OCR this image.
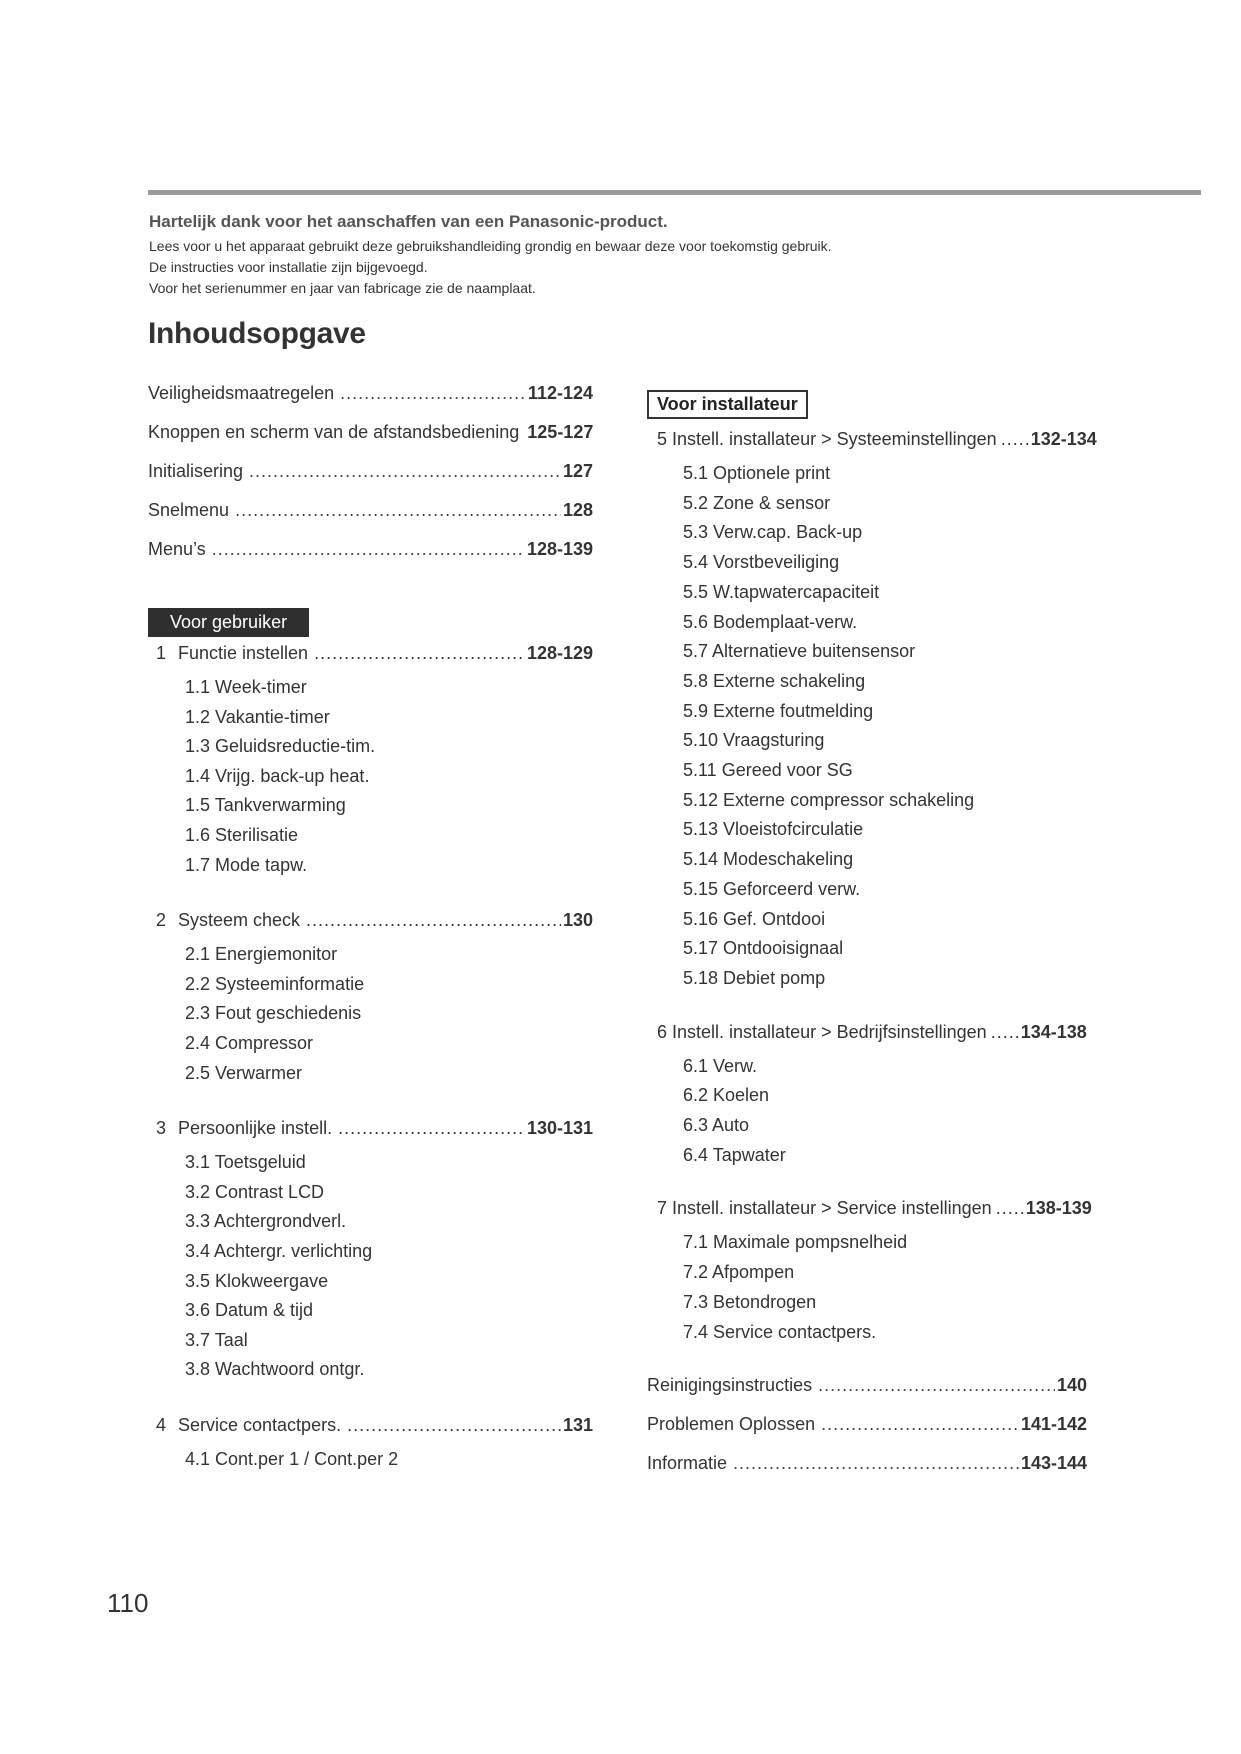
Hartelijk dank voor het aanschaffen van een Panasonic-product.
Lees voor u het apparaat gebruikt deze gebruikshandleiding grondig en bewaar deze voor toekomstig gebruik.
De instructies voor installatie zijn bijgevoegd.
Voor het serienummer en jaar van fabricage zie de naamplaat.
Inhoudsopgave
Veiligheidsmaatregelen .....	112-124
Knoppen en scherm van de afstandsbediening 125-127
Initialisering .....	127
Snelmenu .....	128
Menu’s .....	128-139
Voor gebruiker
1 Functie instellen .....	128-129
1.1 Week-timer
1.2 Vakantie-timer
1.3 Geluidsreductie-tim.
1.4 Vrijg. back-up heat.
1.5 Tankverwarming
1.6 Sterilisatie
1.7 Mode tapw.
2 Systeem check .....	130
2.1 Energiemonitor
2.2 Systeeminformatie
2.3 Fout geschiedenis
2.4 Compressor
2.5 Verwarmer
3 Persoonlijke instell. .....	130-131
3.1 Toetsgeluid
3.2 Contrast LCD
3.3 Achtergrondverl.
3.4 Achtergr. verlichting
3.5 Klokweergave
3.6 Datum & tijd
3.7 Taal
3.8 Wachtwoord ontgr.
4 Service contactpers. .....	131
4.1 Cont.per 1 / Cont.per 2
Voor installateur
5 Instell. installateur > Systeeminstellingen ..... 132-134
5.1 Optionele print
5.2 Zone & sensor
5.3 Verw.cap. Back-up
5.4 Vorstbeveiliging
5.5 W.tapwatercapaciteit
5.6 Bodemplaat-verw.
5.7 Alternatieve buitensensor
5.8 Externe schakeling
5.9 Externe foutmelding
5.10 Vraagsturing
5.11 Gereed voor SG
5.12 Externe compressor schakeling
5.13 Vloeistofcirculatie
5.14 Modeschakeling
5.15 Geforceerd verw.
5.16 Gef. Ontdooi
5.17 Ontdooisignaal
5.18 Debiet pomp
6 Instell. installateur > Bedrijfsinstellingen ..... 134-138
6.1 Verw.
6.2 Koelen
6.3 Auto
6.4 Tapwater
7 Instell. installateur > Service instellingen ..... 138-139
7.1 Maximale pompsnelheid
7.2 Afpompen
7.3 Betondrogen
7.4 Service contactpers.
Reinigingsinstructies .....	140
Problemen Oplossen .....	141-142
Informatie .....	143-144
110
